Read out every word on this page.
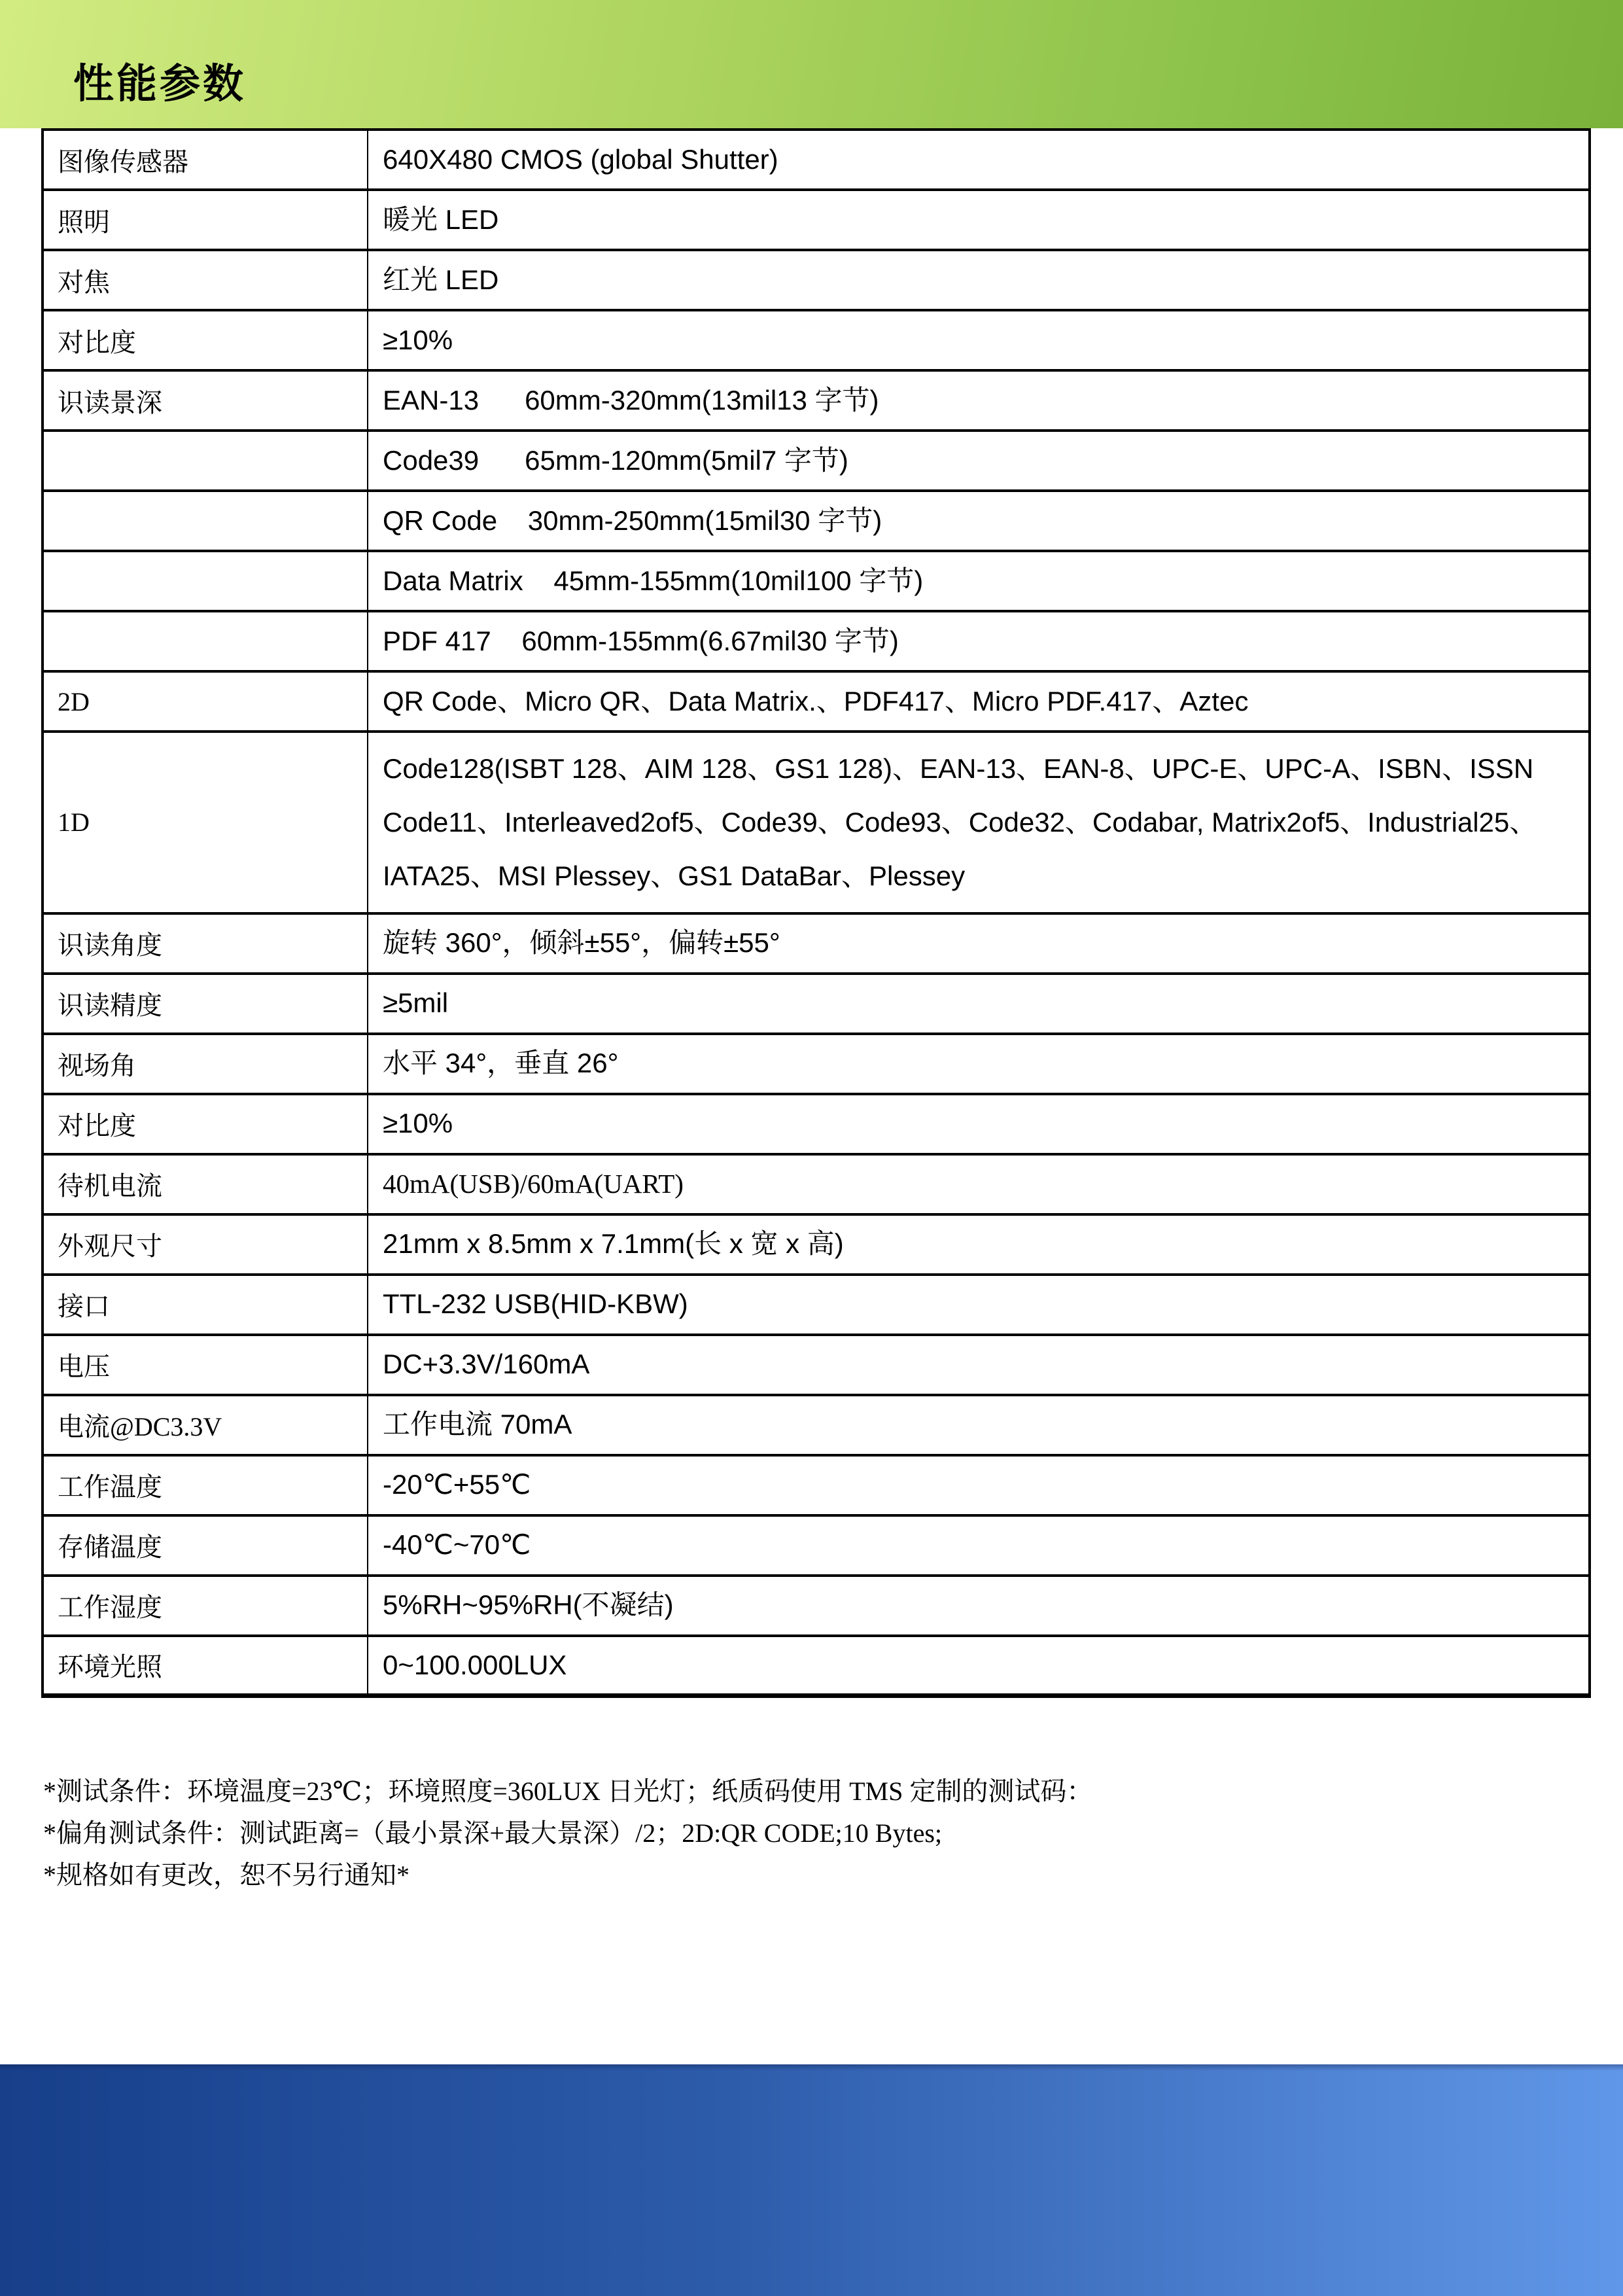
性能参数
图像传感器	640X480 CMOS (global Shutter)
照明	暖光 LED
对焦	红光 LED
对比度	≥10%
识读景深	EAN-13      60mm-320mm(13mil13 字节)
	Code39      65mm-120mm(5mil7 字节)
	QR Code    30mm-250mm(15mil30 字节)
	Data Matrix    45mm-155mm(10mil100 字节)
	PDF 417    60mm-155mm(6.67mil30 字节)
2D	QR Code、Micro QR、Data Matrix.、PDF417、Micro PDF.417、Aztec
1D	Code128(ISBT 128、AIM 128、GS1 128)、EAN-13、EAN-8、UPC-E、UPC-A、ISBN、ISSN  Code11、Interleaved2of5、Code39、Code93、Code32、Codabar, Matrix2of5、Industrial25、IATA25、MSI Plessey、GS1 DataBar、Plessey
识读角度	旋转 360°，倾斜±55°，偏转±55°
识读精度	≥5mil
视场角	水平 34°，垂直 26°
对比度	≥10%
待机电流	40mA(USB)/60mA(UART)
外观尺寸	21mm x 8.5mm x 7.1mm(长 x 宽 x 高)
接口	TTL-232 USB(HID-KBW)
电压	DC+3.3V/160mA
电流@DC3.3V	工作电流 70mA
工作温度	-20℃+55℃
存储温度	-40℃~70℃
工作湿度	5%RH~95%RH(不凝结)
环境光照	0~100.000LUX
*测试条件：环境温度=23℃；环境照度=360LUX 日光灯；纸质码使用 TMS 定制的测试码：
*偏角测试条件：测试距离=（最小景深+最大景深）/2；2D:QR CODE;10 Bytes;
*规格如有更改，恕不另行通知*
